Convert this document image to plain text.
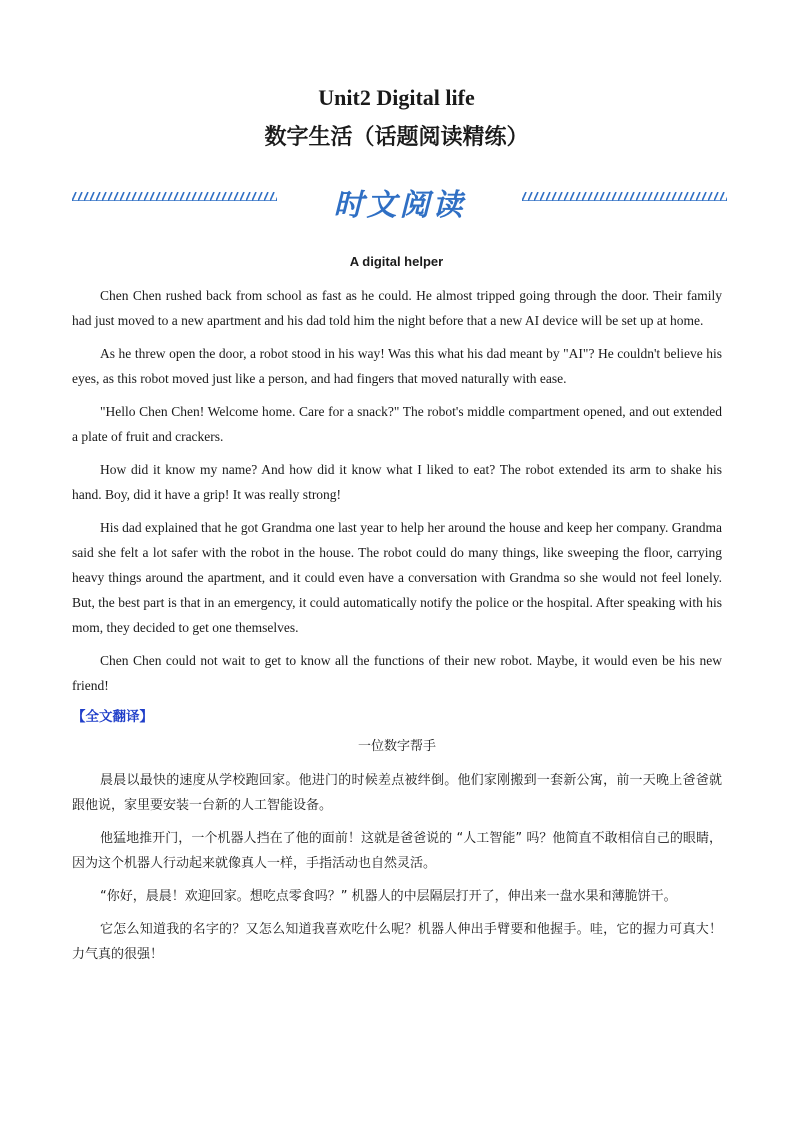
Unit2 Digital life
数字生活（话题阅读精练）
时文阅读
A digital helper

Chen Chen rushed back from school as fast as he could. He almost tripped going through the door. Their family had just moved to a new apartment and his dad told him the night before that a new AI device will be set up at home.

As he threw open the door, a robot stood in his way! Was this what his dad meant by "AI"? He couldn't believe his eyes, as this robot moved just like a person, and had fingers that moved naturally with ease.

"Hello Chen Chen! Welcome home. Care for a snack?" The robot's middle compartment opened, and out extended a plate of fruit and crackers.

How did it know my name? And how did it know what I liked to eat? The robot extended its arm to shake his hand. Boy, did it have a grip! It was really strong!

His dad explained that he got Grandma one last year to help her around the house and keep her company. Grandma said she felt a lot safer with the robot in the house. The robot could do many things, like sweeping the floor, carrying heavy things around the apartment, and it could even have a conversation with Grandma so she would not feel lonely. But, the best part is that in an emergency, it could automatically notify the police or the hospital. After speaking with his mom, they decided to get one themselves.

Chen Chen could not wait to get to know all the functions of their new robot. Maybe, it would even be his new friend!

【全文翻译】
一位数字帮手

晨晨以最快的速度从学校跑回家。他进门的时候差点被绊倒。他们家刚搬到一套新公寓，前一天晚上爸爸就跟他说，家里要安装一台新的人工智能设备。

他猛地推开门，一个机器人挡在了他的面前！这就是爸爸说的 “人工智能” 吗？他简直不敢相信自己的眼睛，因为这个机器人行动起来就像真人一样，手指活动也自然灵活。

“你好，晨晨！欢迎回家。想吃点零食吗？” 机器人的中层隔层打开了，伸出来一盘水果和薄脆饼干。

它怎么知道我的名字的？又怎么知道我喜欢吃什么呢？机器人伸出手臂要和他握手。哇，它的握力可真大！力气真的很强！
